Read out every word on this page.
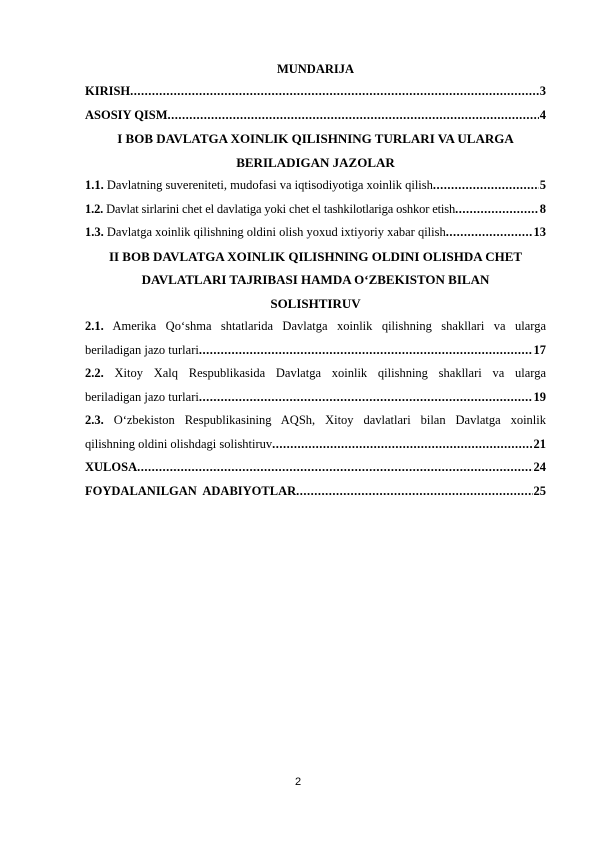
MUNDARIJA

KIRISH .....	3
ASOSIY QISM .....	4

I BOB DAVLATGA XOINLIK QILISHNING TURLARI VA ULARGA

BERILADIGAN JAZOLAR

1.1. Davlatning suvereniteti, mudofasi va iqtisodiyotiga xoinlik qilish .....	5
1.2. Davlat sirlarini chet el davlatiga yoki chet el tashkilotlariga oshkor etish .....	8
1.3. Davlatga xoinlik qilishning oldini olish yoxud ixtiyoriy xabar qilish .....	13

II BOB DAVLATGA XOINLIK QILISHNING OLDINI OLISHDA CHET

DAVLATLARI TAJRIBASI HAMDA O‘ZBEKISTON BILAN

SOLISHTIRUV

2.1. Amerika Qo‘shma shtatlarida Davlatga xoinlik qilishning shakllari va ularga
beriladigan jazo turlari .....	17
2.2. Xitoy Xalq Respublikasida Davlatga xoinlik qilishning shakllari va ularga
beriladigan jazo turlari .....	19
2.3. O‘zbekiston Respublikasining AQSh, Xitoy davlatlari bilan Davlatga xoinlik
qilishning oldini olishdagi solishtiruv .....	21
XULOSA .....	24
FOYDALANILGAN  ADABIYOTLAR .....	25
2
